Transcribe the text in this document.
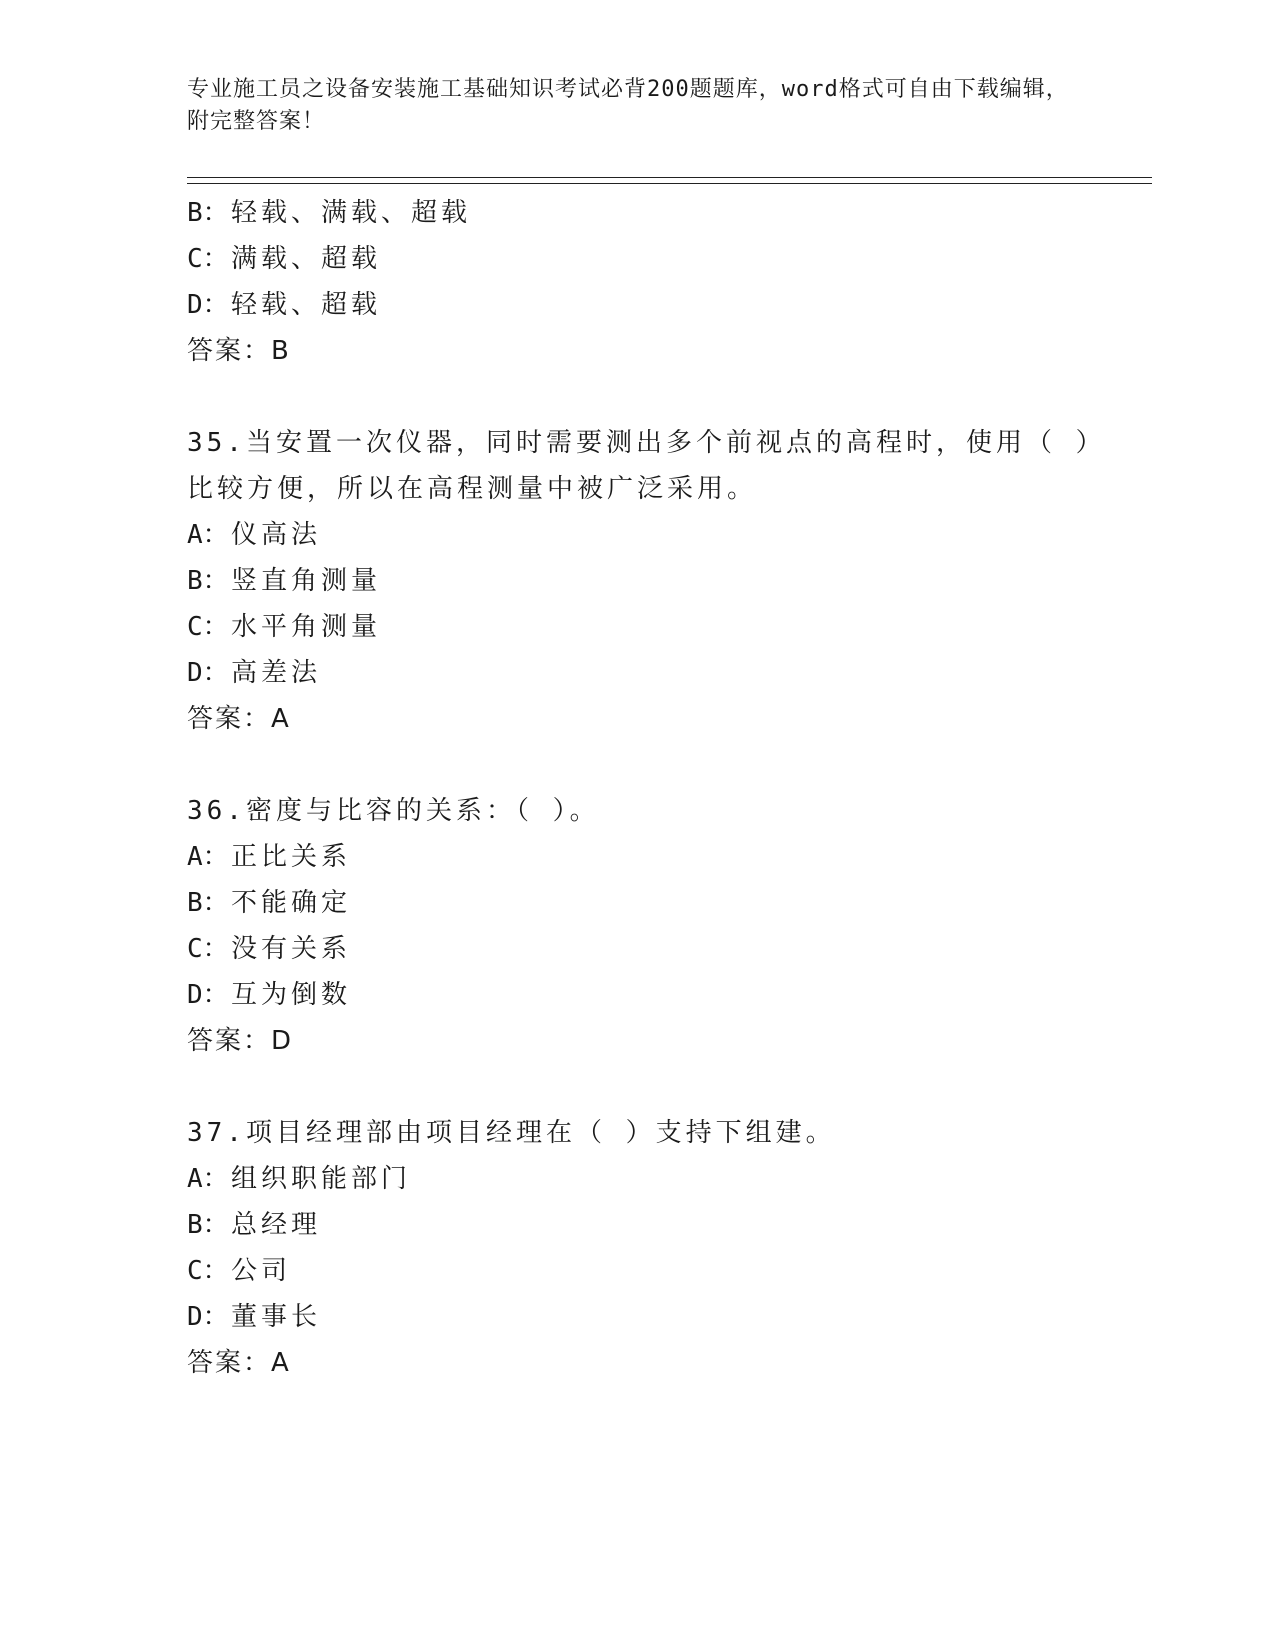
专业施工员之设备安装施工基础知识考试必背200题题库，word格式可自由下载编辑，附完整答案！
B：轻载、满载、超载
C：满载、超载
D：轻载、超载
答案：B
35.当安置一次仪器，同时需要测出多个前视点的高程时，使用（ ）
比较方便，所以在高程测量中被广泛采用。
A：仪高法
B：竖直角测量
C：水平角测量
D：高差法
答案：A
36.密度与比容的关系：（ ）。
A：正比关系
B：不能确定
C：没有关系
D：互为倒数
答案：D
37.项目经理部由项目经理在（ ）支持下组建。
A：组织职能部门
B：总经理
C：公司
D：董事长
答案：A
